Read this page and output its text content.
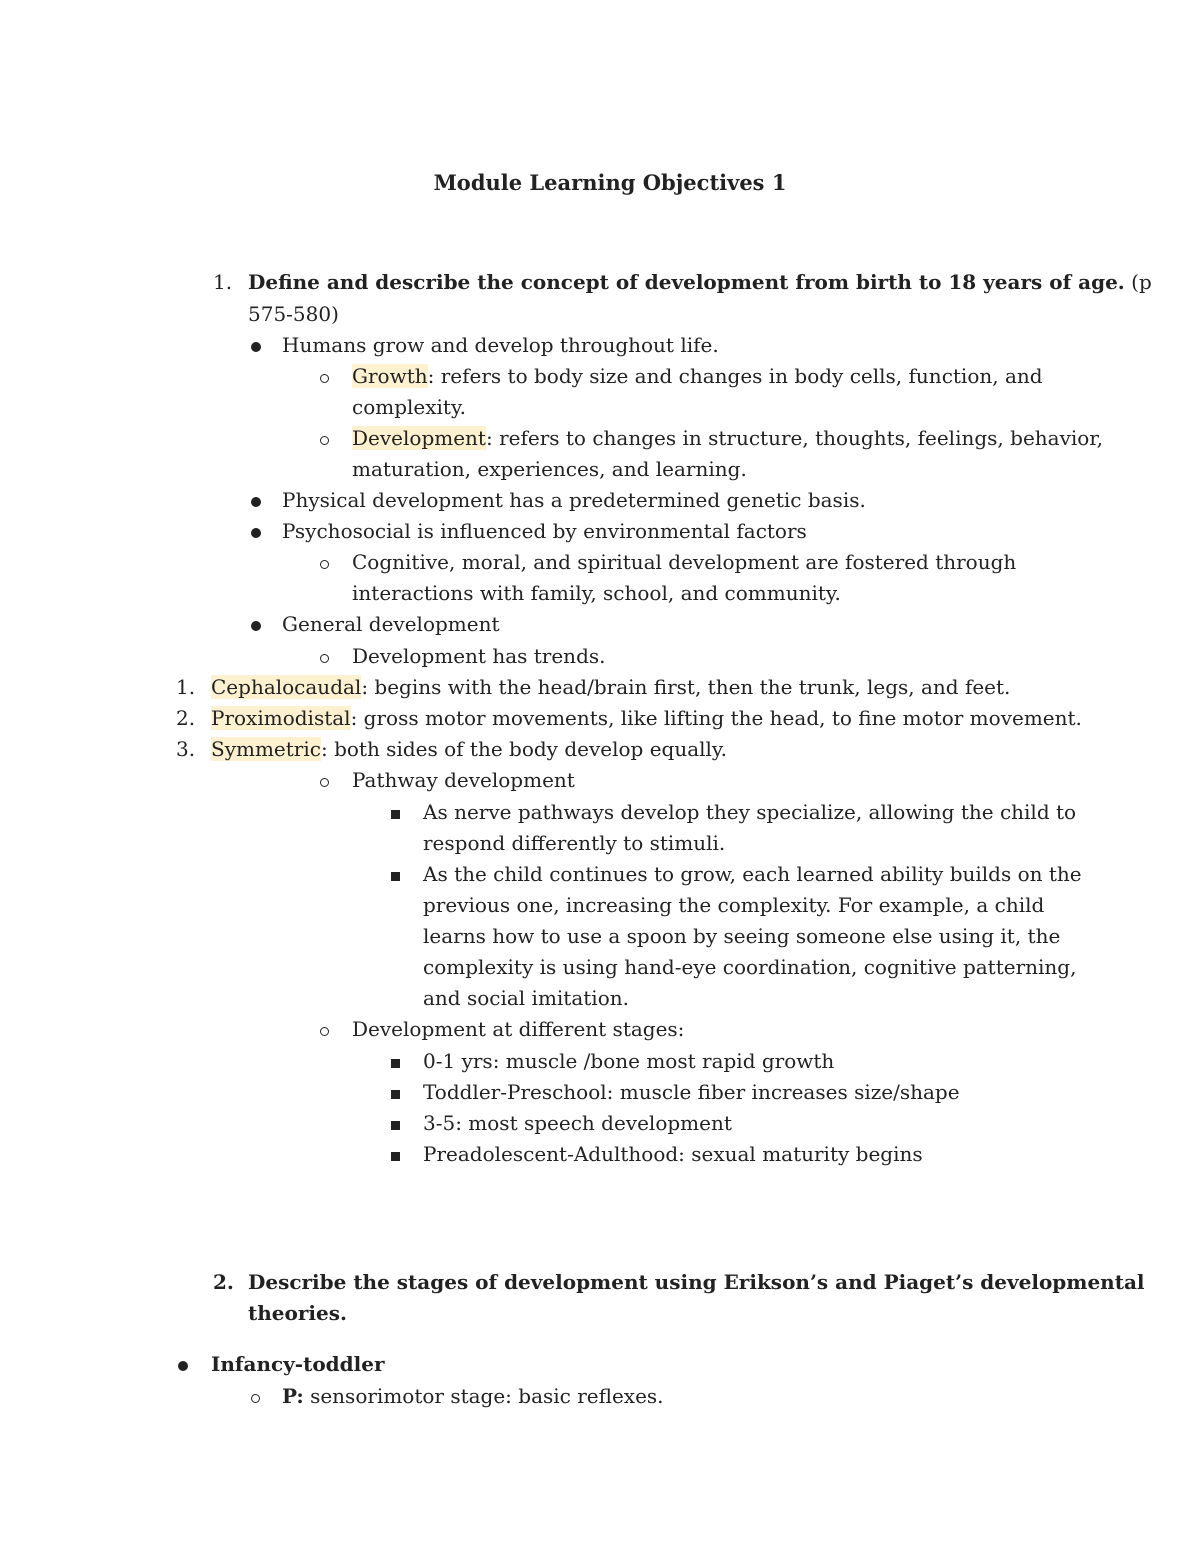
Module Learning Objectives 1
1. Define and describe the concept of development from birth to 18 years of age. (p
575-580)
Humans grow and develop throughout life.
Growth: refers to body size and changes in body cells, function, and
complexity.
Development: refers to changes in structure, thoughts, feelings, behavior,
maturation, experiences, and learning.
Physical development has a predetermined genetic basis.
Psychosocial is influenced by environmental factors
Cognitive, moral, and spiritual development are fostered through
interactions with family, school, and community.
General development
Development has trends.
1. Cephalocaudal: begins with the head/brain first, then the trunk, legs, and feet.
2. Proximodistal: gross motor movements, like lifting the head, to fine motor movement.
3. Symmetric: both sides of the body develop equally.
Pathway development
As nerve pathways develop they specialize, allowing the child to
respond differently to stimuli.
As the child continues to grow, each learned ability builds on the
previous one, increasing the complexity. For example, a child
learns how to use a spoon by seeing someone else using it, the
complexity is using hand-eye coordination, cognitive patterning,
and social imitation.
Development at different stages:
0-1 yrs: muscle /bone most rapid growth
Toddler-Preschool: muscle fiber increases size/shape
3-5: most speech development
Preadolescent-Adulthood: sexual maturity begins
2. Describe the stages of development using Erikson’s and Piaget’s developmental
theories.
Infancy-toddler
P: sensorimotor stage: basic reflexes.
